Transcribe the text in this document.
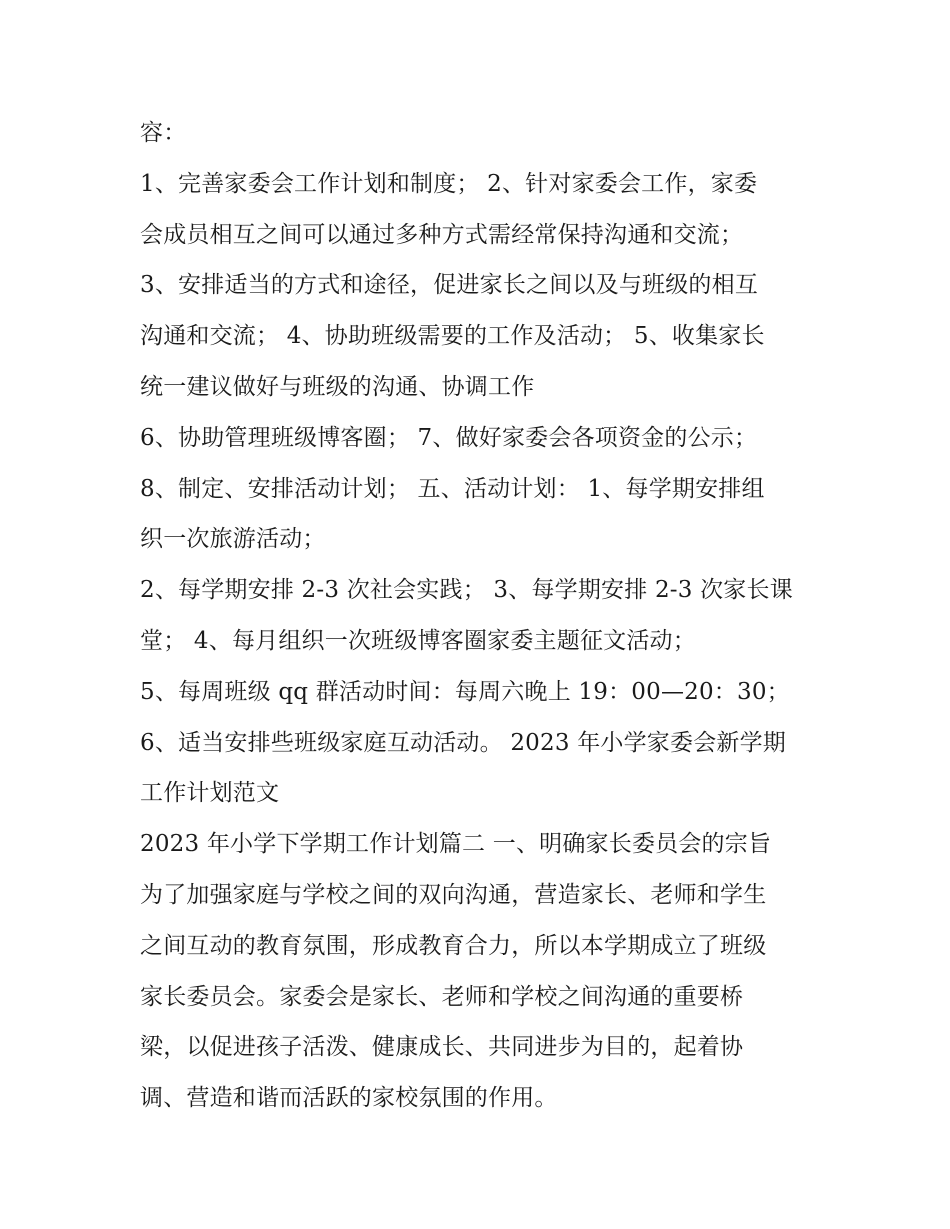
容：
1、完善家委会工作计划和制度； 2、针对家委会工作，家委
会成员相互之间可以通过多种方式需经常保持沟通和交流；
3、安排适当的方式和途径，促进家长之间以及与班级的相互
沟通和交流； 4、协助班级需要的工作及活动； 5、收集家长
统一建议做好与班级的沟通、协调工作
6、协助管理班级博客圈； 7、做好家委会各项资金的公示；
8、制定、安排活动计划； 五、活动计划： 1、每学期安排组
织一次旅游活动；
2、每学期安排 2-3 次社会实践； 3、每学期安排 2-3 次家长课
堂； 4、每月组织一次班级博客圈家委主题征文活动；
5、每周班级 qq 群活动时间：每周六晚上 19：00—20：30；
6、适当安排些班级家庭互动活动。 2023 年小学家委会新学期
工作计划范文
2023 年小学下学期工作计划篇二 一、明确家长委员会的宗旨
为了加强家庭与学校之间的双向沟通，营造家长、老师和学生
之间互动的教育氛围，形成教育合力，所以本学期成立了班级
家长委员会。家委会是家长、老师和学校之间沟通的重要桥
梁，以促进孩子活泼、健康成长、共同进步为目的，起着协
调、营造和谐而活跃的家校氛围的作用。
